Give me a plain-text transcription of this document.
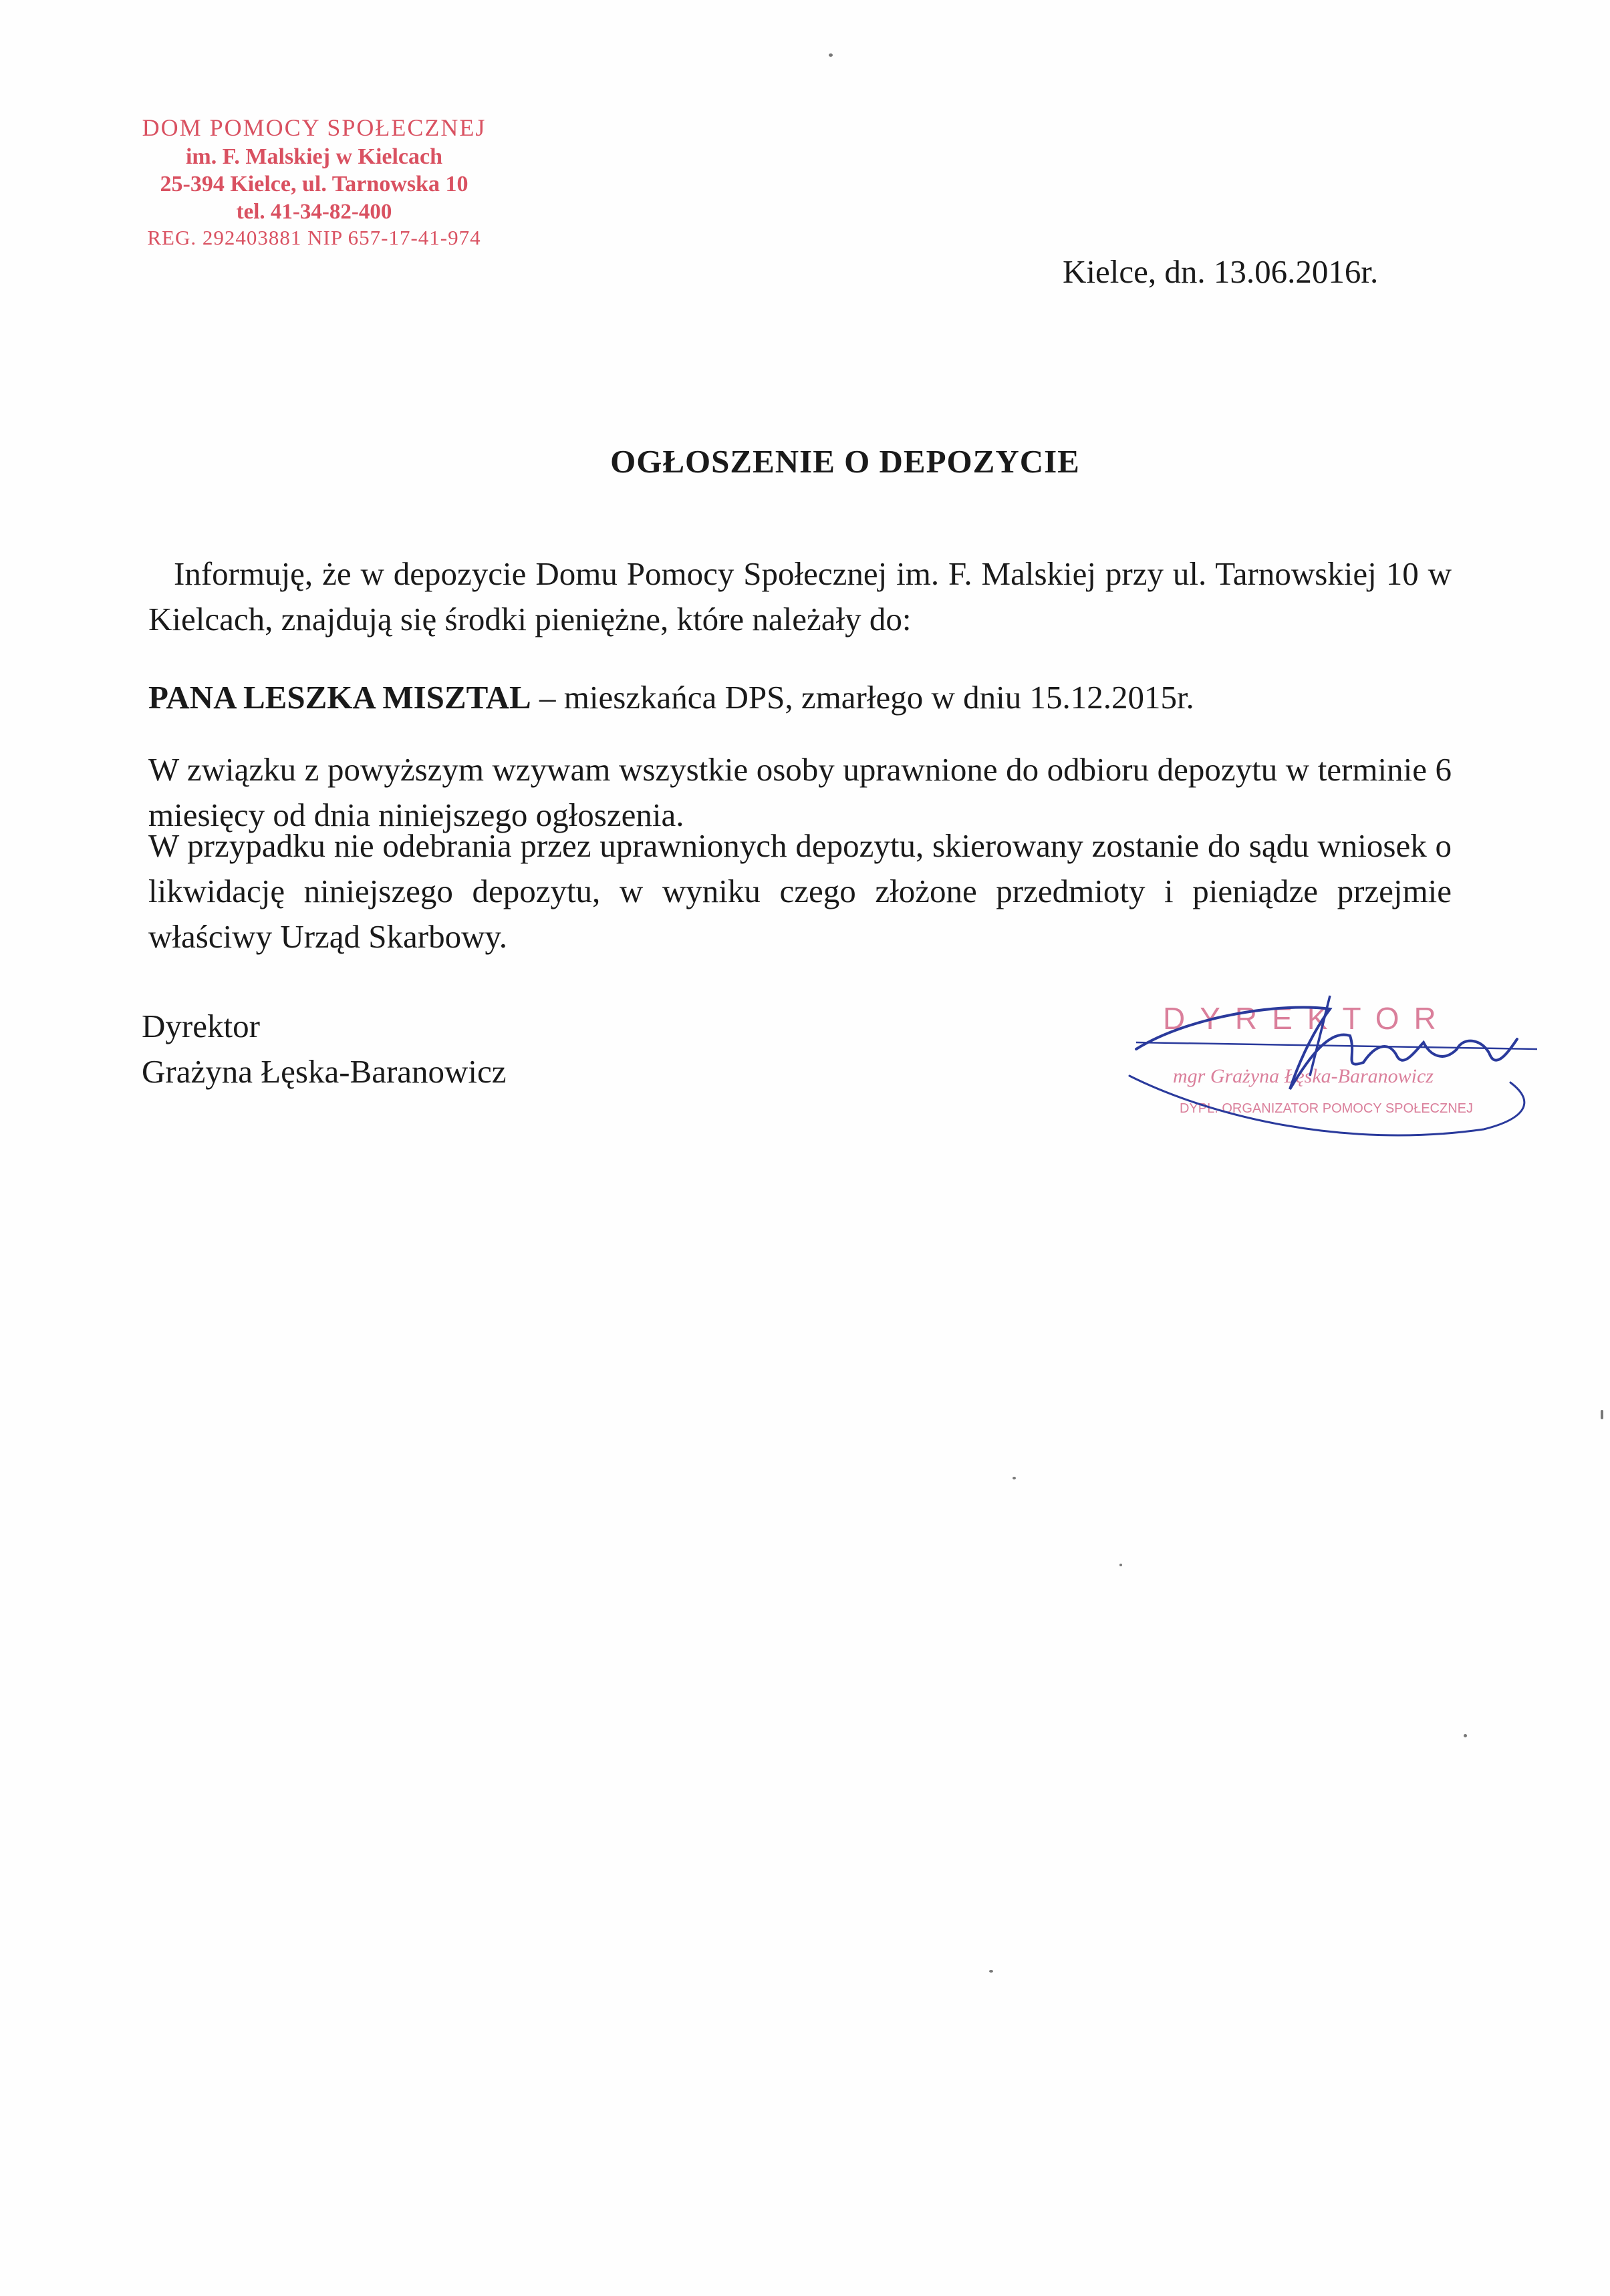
DOM POMOCY SPOŁECZNEJ
im. F. Malskiej w Kielcach
25-394 Kielce, ul. Tarnowska 10
tel. 41-34-82-400
REG. 292403881 NIP 657-17-41-974
Kielce, dn. 13.06.2016r.
OGŁOSZENIE O DEPOZYCIE
Informuję, że w depozycie Domu Pomocy Społecznej im. F. Malskiej przy ul. Tarnowskiej 10 w Kielcach, znajdują się środki pieniężne, które należały do:
PANA LESZKA MISZTAL – mieszkańca DPS, zmarłego w dniu 15.12.2015r.
W związku z powyższym wzywam wszystkie osoby uprawnione do odbioru depozytu w terminie 6 miesięcy od dnia niniejszego ogłoszenia.
W przypadku nie odebrania przez uprawnionych depozytu, skierowany zostanie do sądu wniosek o likwidację niniejszego depozytu, w wyniku czego złożone przedmioty i pieniądze przejmie właściwy Urząd Skarbowy.
Dyrektor
Grażyna Łęska-Baranowicz
DYREKTOR
mgr Grażyna Łęska-Baranowicz
DYPL. ORGANIZATOR POMOCY SPOŁECZNEJ
